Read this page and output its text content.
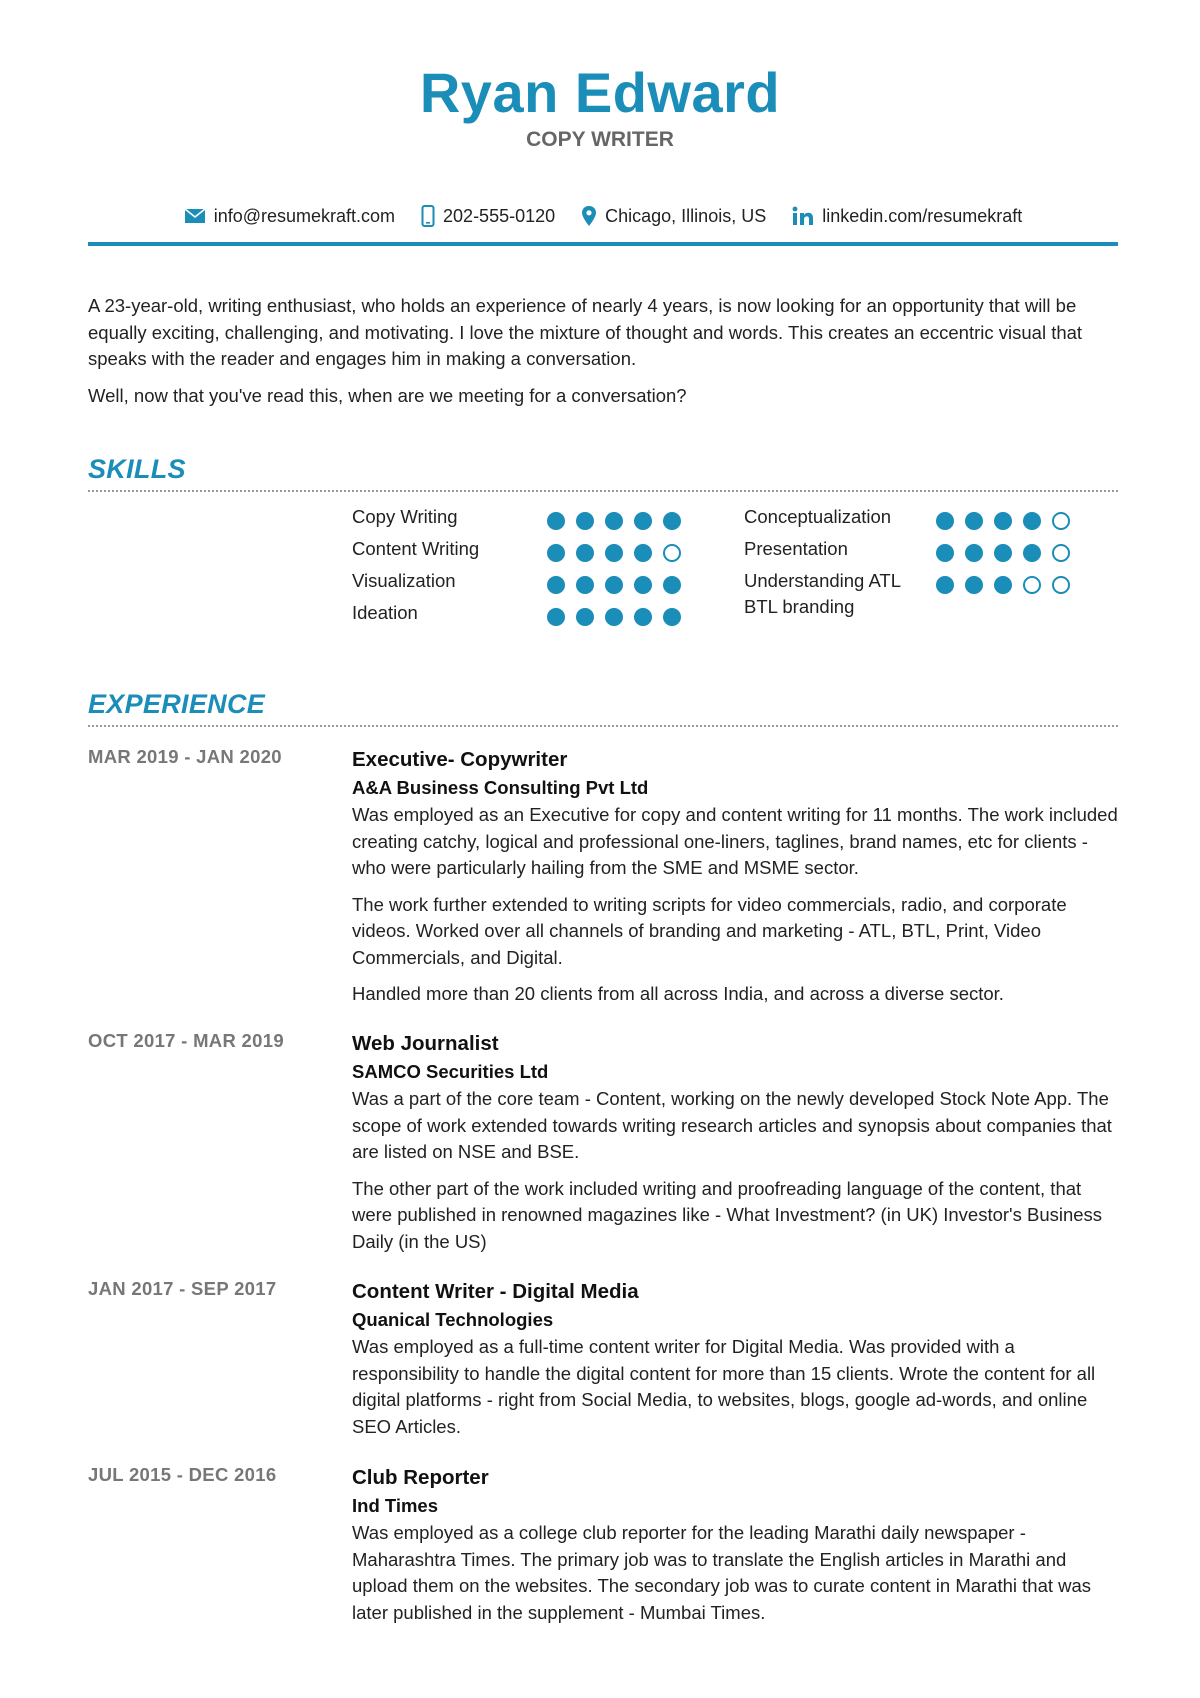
Ryan Edward
COPY WRITER
info@resumekraft.com	202-555-0120	Chicago, Illinois, US	linkedin.com/resumekraft

A 23-year-old, writing enthusiast, who holds an experience of nearly 4 years, is now looking for an opportunity that will be equally exciting, challenging, and motivating. I love the mixture of thought and words. This creates an eccentric visual that speaks with the reader and engages him in making a conversation.

Well, now that you've read this, when are we meeting for a conversation?

SKILLS
Copy Writing
Content Writing
Visualization
Ideation
Conceptualization
Presentation
Understanding ATL BTL branding
EXPERIENCE
MAR 2019 - JAN 2020	Executive- Copywriter
A&A Business Consulting Pvt Ltd

Was employed as an Executive for copy and content writing for 11 months. The work included creating catchy, logical and professional one-liners, taglines, brand names, etc for clients - who were particularly hailing from the SME and MSME sector.

The work further extended to writing scripts for video commercials, radio, and corporate videos. Worked over all channels of branding and marketing - ATL, BTL, Print, Video Commercials, and Digital.

Handled more than 20 clients from all across India, and across a diverse sector.

OCT 2017 - MAR 2019	Web Journalist
SAMCO Securities Ltd

Was a part of the core team - Content, working on the newly developed Stock Note App. The scope of work extended towards writing research articles and synopsis about companies that are listed on NSE and BSE.

The other part of the work included writing and proofreading language of the content, that were published in renowned magazines like - What Investment? (in UK) Investor's Business Daily (in the US)

JAN 2017 - SEP 2017	Content Writer - Digital Media
Quanical Technologies

Was employed as a full-time content writer for Digital Media. Was provided with a responsibility to handle the digital content for more than 15 clients. Wrote the content for all digital platforms - right from Social Media, to websites, blogs, google ad-words, and online SEO Articles.

JUL 2015 - DEC 2016	Club Reporter
Ind Times

Was employed as a college club reporter for the leading Marathi daily newspaper - Maharashtra Times. The primary job was to translate the English articles in Marathi and upload them on the websites. The secondary job was to curate content in Marathi that was later published in the supplement - Mumbai Times.
